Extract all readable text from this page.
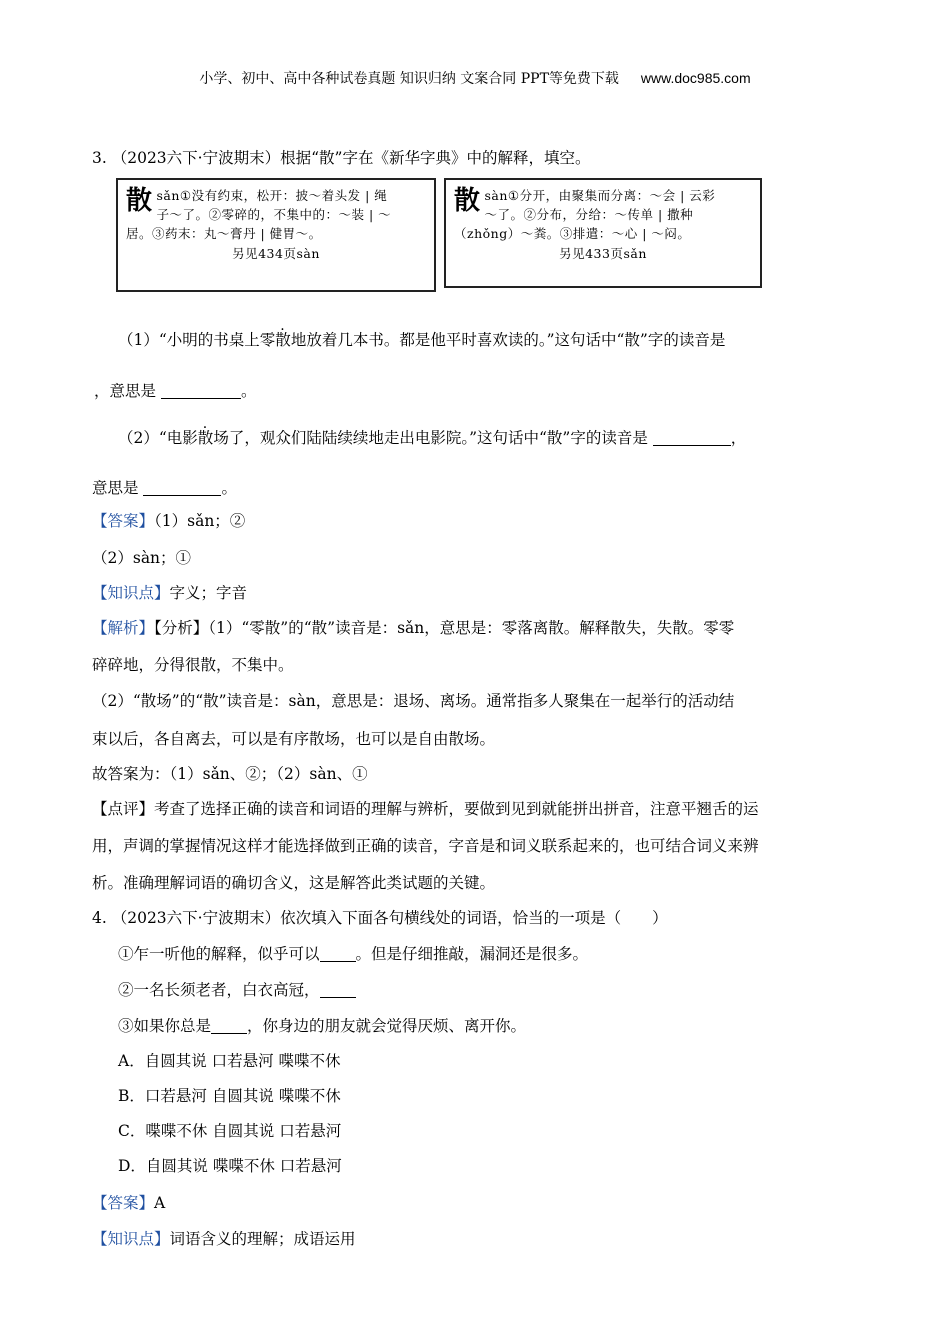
小学、初中、高中各种试卷真题 知识归纳 文案合同 PPT等免费下载 www.doc985.com
3. （2023六下·宁波期末）根据“散”字在《新华字典》中的解释，填空。
散 sǎn①没有约束，松开：披～着头发 | 绳
子～了。②零碎的，不集中的：～装 | ～
居。③药末：丸～膏丹 | 健胃～。
另见434页sàn
散 sàn①分开，由聚集而分离：～会 | 云彩
～了。②分布，分给：～传单 | 撒种
（zhǒng）～粪。③排遣：～心 | ～闷。
另见433页sǎn
（1）“小明的书桌上零散地放着几本书。都是他平时喜欢读的。”这句话中“散”字的读音是
，意思是	。
（2）“电影散场了，观众们陆陆续续地走出电影院。”这句话中“散”字的读音是	，
意思是	。
【答案】（1）sǎn；②
（2）sàn；①
【知识点】字义；字音
【解析】【分析】（1）“零散”的“散”读音是：sǎn，意思是：零落离散。解释散失，失散。零零
碎碎地，分得很散，不集中。
（2）“散场”的“散”读音是：sàn，意思是：退场、离场。通常指多人聚集在一起举行的活动结
束以后，各自离去，可以是有序散场，也可以是自由散场。
故答案为：（1）sǎn、②；（2）sàn、①
【点评】考查了选择正确的读音和词语的理解与辨析，要做到见到就能拼出拼音，注意平翘舌的运
用，声调的掌握情况这样才能选择做到正确的读音，字音是和词义联系起来的，也可结合词义来辨
析。准确理解词语的确切含义，这是解答此类试题的关键。
4. （2023六下·宁波期末）依次填入下面各句横线处的词语，恰当的一项是（　　）
①乍一听他的解释，似乎可以 。但是仔细推敲，漏洞还是很多。
②一名长须老者，白衣高冠，
③如果你总是 ，你身边的朋友就会觉得厌烦、离开你。
A．自圆其说 口若悬河 喋喋不休
B．口若悬河 自圆其说 喋喋不休
C．喋喋不休 自圆其说 口若悬河
D．自圆其说 喋喋不休 口若悬河
【答案】A
【知识点】词语含义的理解；成语运用
